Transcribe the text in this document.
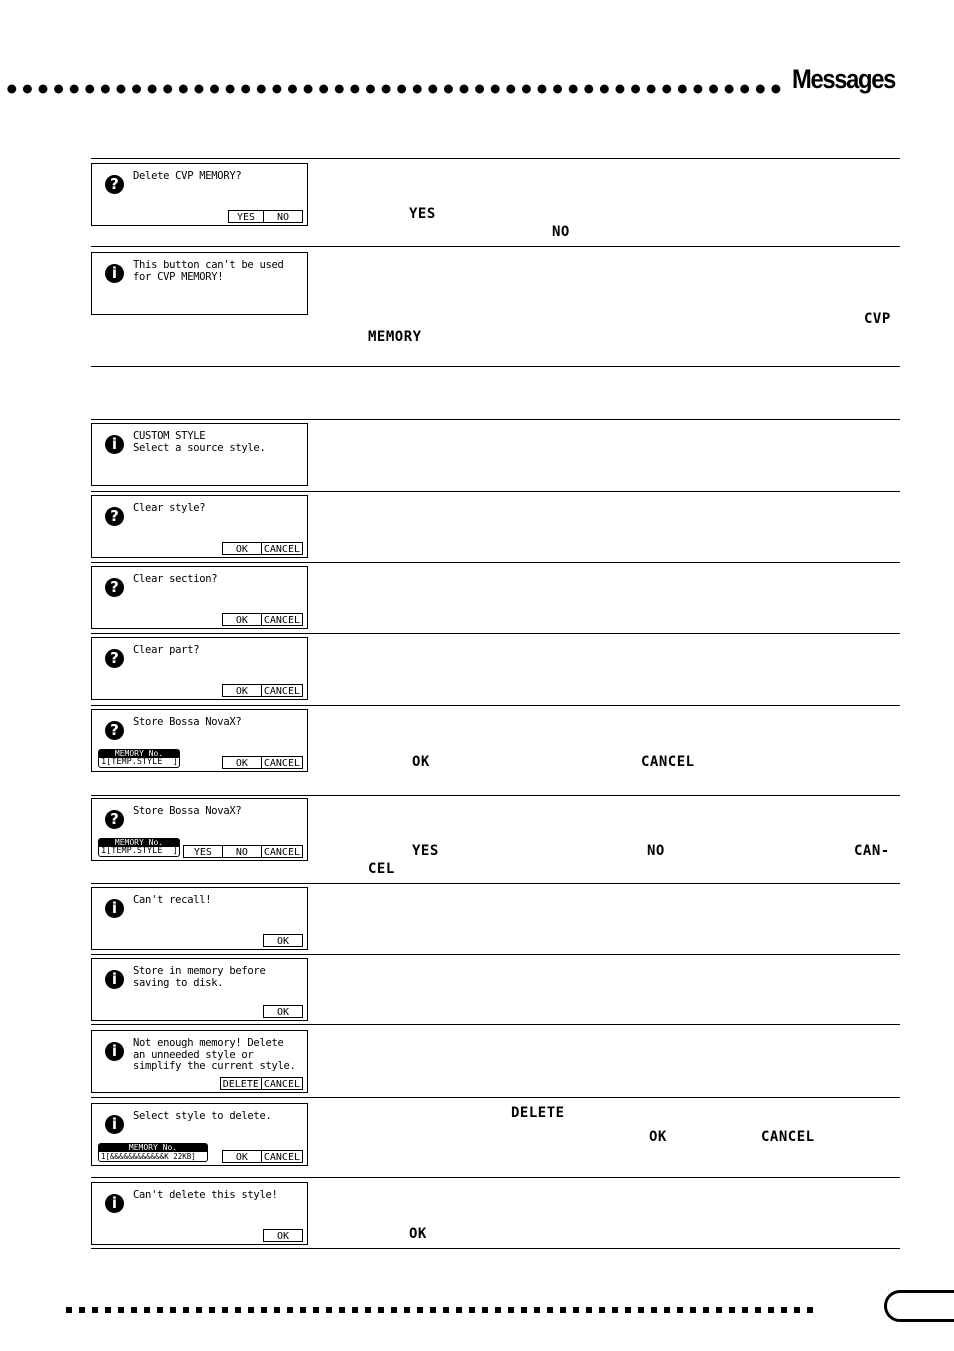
Messages
?	Delete CVP MEMORY?
YES	NO	YES
NO
i	This button can't be used
for CVP MEMORY!
CVP
MEMORY
i	CUSTOM STYLE
Select a source style.
?	Clear style?
OK	CANCEL
?	Clear section?
OK	CANCEL
?	Clear part?
OK	CANCEL
?	Store Bossa NovaX?
MEMORY No.
1[TEMP.STYLE  ]	OK	CANCEL	OK	CANCEL
?	Store Bossa NovaX?
MEMORY No.
1[TEMP.STYLE  ]	YES	NO	CANCEL	YES	NO	CAN-
CEL
i	Can't recall!
OK
i	Store in memory before
saving to disk.
OK
i	Not enough memory! Delete
an unneeded style or
simplify the current style.
DELETE CANCEL
i	Select style to delete.
MEMORY No.
1[&&&&&&&&&&&&K 22KB]	OK	CANCEL
DELETE
OK	CANCEL
i	Can't delete this style!
OK	OK
